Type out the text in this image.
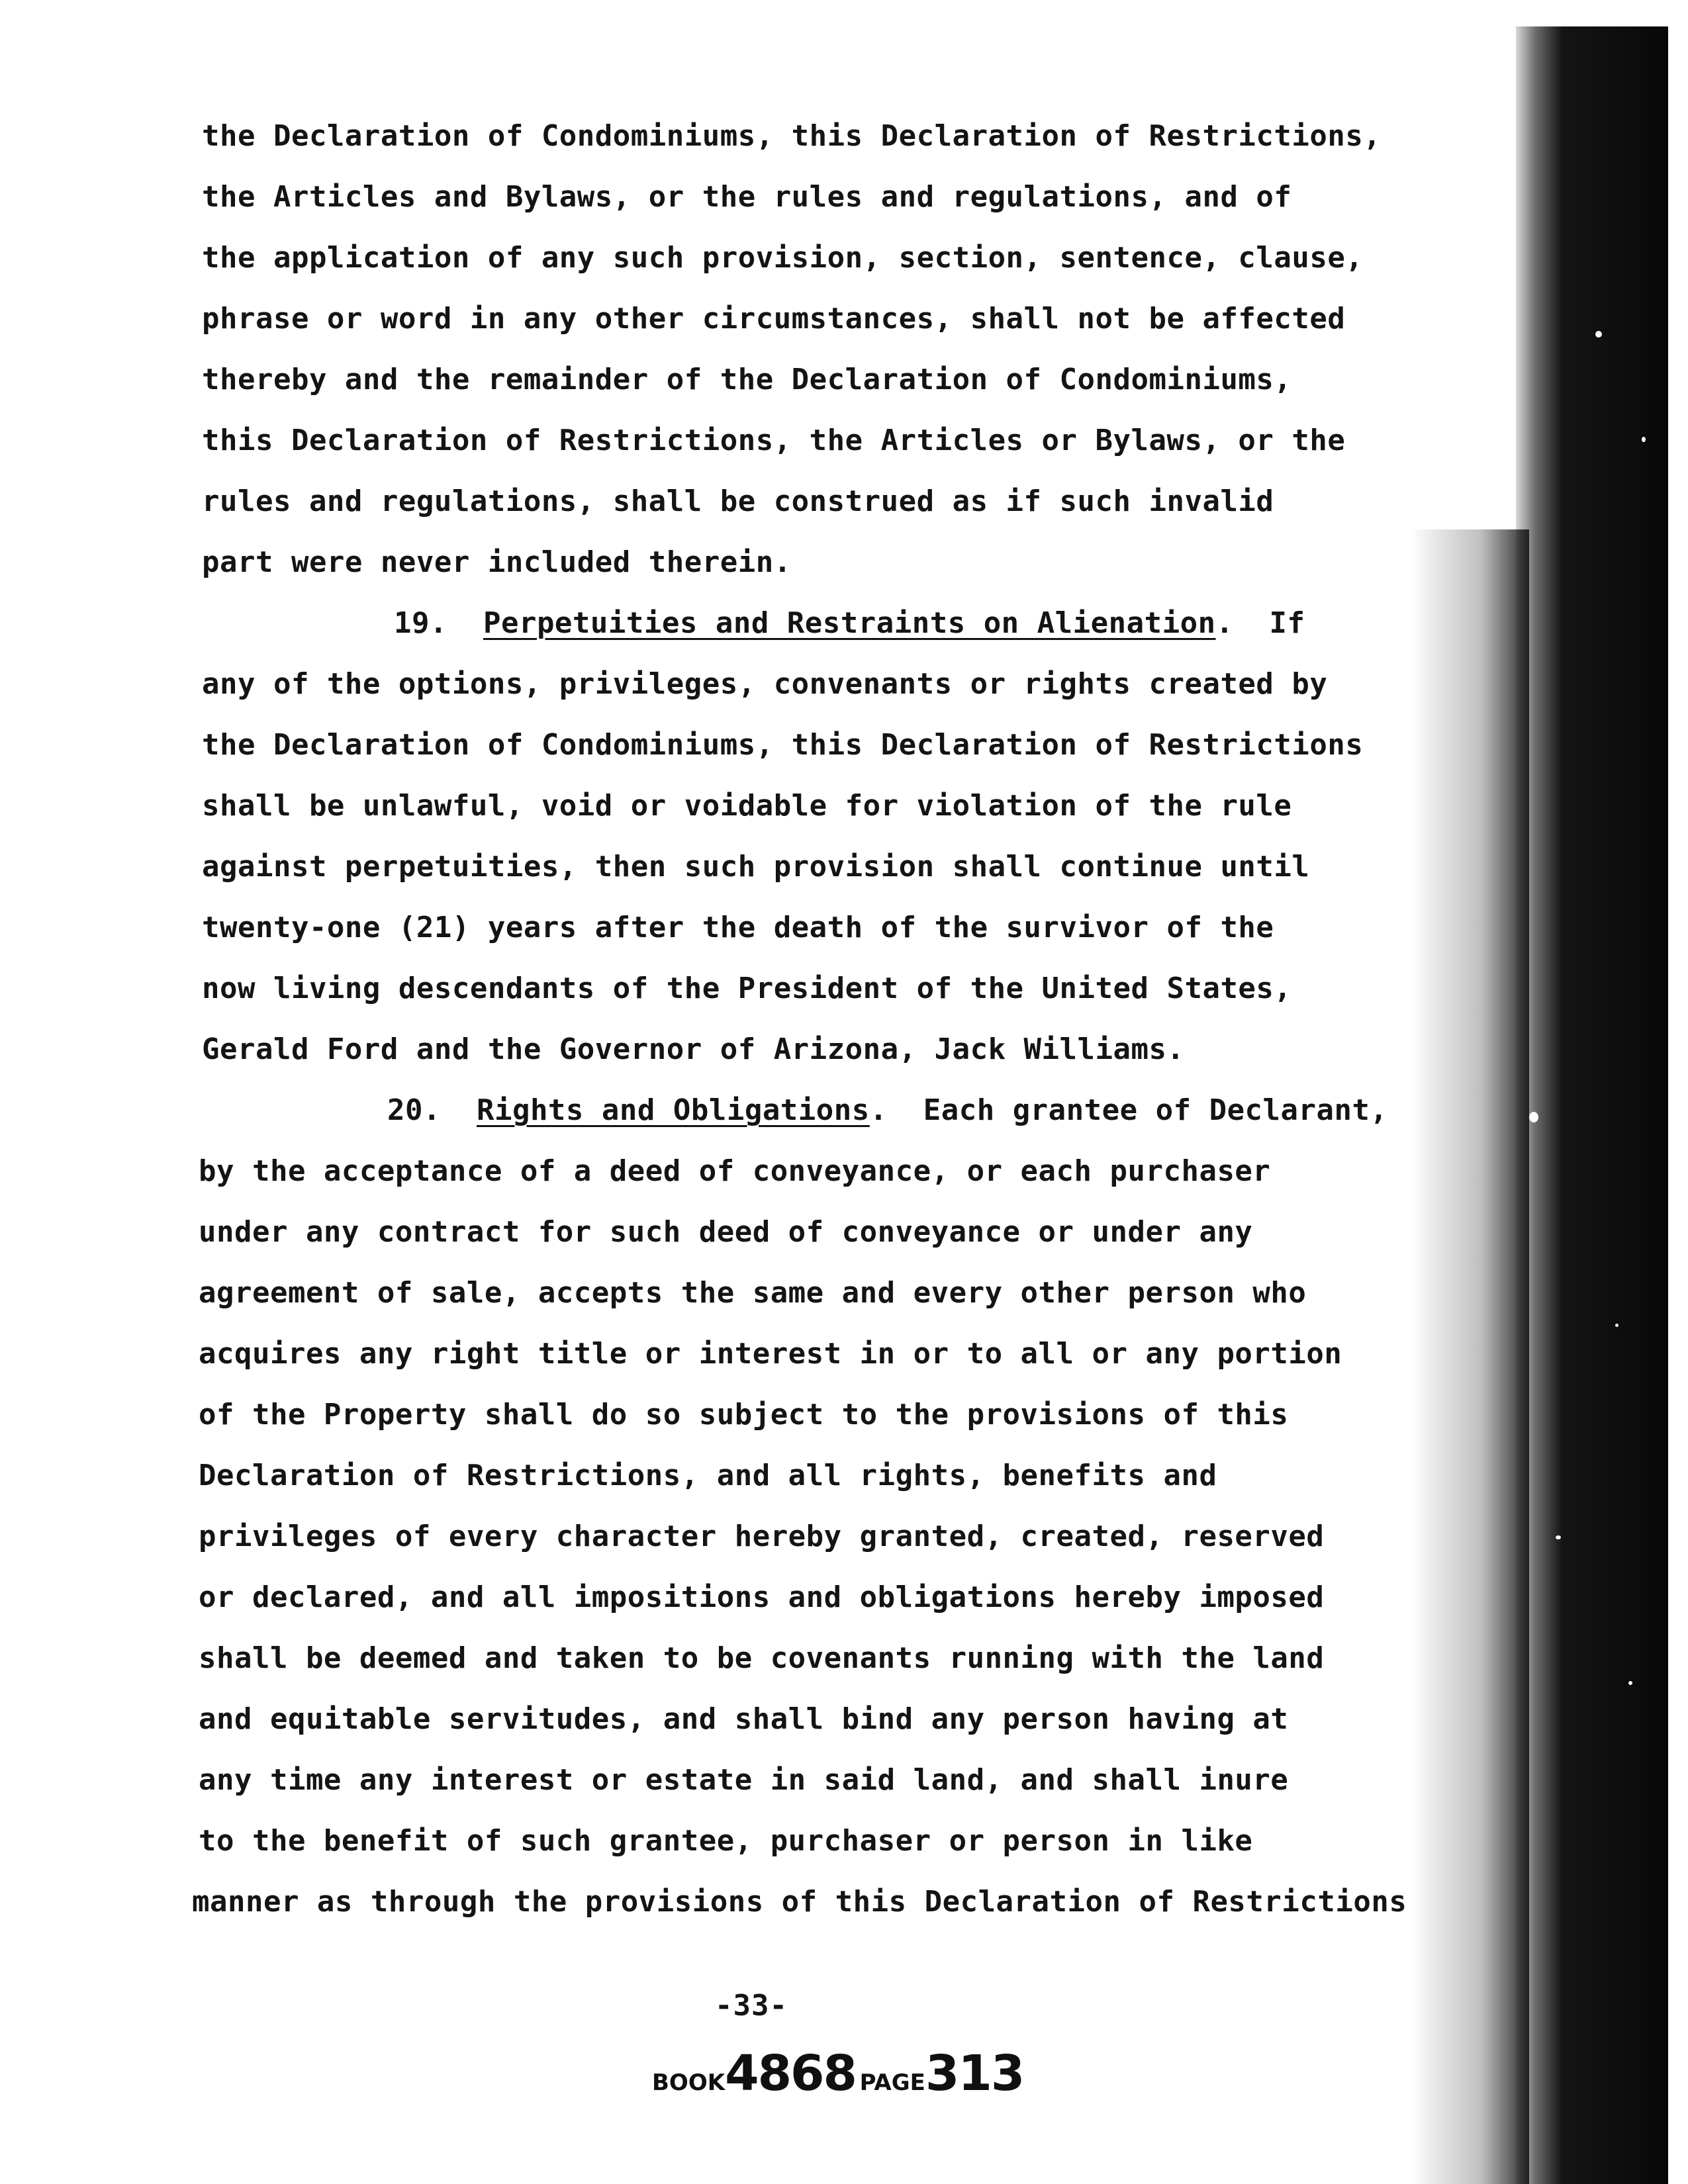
the Declaration of Condominiums, this Declaration of Restrictions,
the Articles and Bylaws, or the rules and regulations, and of
the application of any such provision, section, sentence, clause,
phrase or word in any other circumstances, shall not be affected
thereby and the remainder of the Declaration of Condominiums,
this Declaration of Restrictions, the Articles or Bylaws, or the
rules and regulations, shall be construed as if such invalid
part were never included therein.
19. Perpetuities and Restraints on Alienation.  If
any of the options, privileges, convenants or rights created by
the Declaration of Condominiums, this Declaration of Restrictions
shall be unlawful, void or voidable for violation of the rule
against perpetuities, then such provision shall continue until
twenty-one (21) years after the death of the survivor of the
now living descendants of the President of the United States,
Gerald Ford and the Governor of Arizona, Jack Williams.
20. Rights and Obligations.  Each grantee of Declarant,
by the acceptance of a deed of conveyance, or each purchaser
under any contract for such deed of conveyance or under any
agreement of sale, accepts the same and every other person who
acquires any right title or interest in or to all or any portion
of the Property shall do so subject to the provisions of this
Declaration of Restrictions, and all rights, benefits and
privileges of every character hereby granted, created, reserved
or declared, and all impositions and obligations hereby imposed
shall be deemed and taken to be covenants running with the land
and equitable servitudes, and shall bind any person having at
any time any interest or estate in said land, and shall inure
to the benefit of such grantee, purchaser or person in like
manner as through the provisions of this Declaration of Restrictions
-33-
BOOK4868 PAGE313
